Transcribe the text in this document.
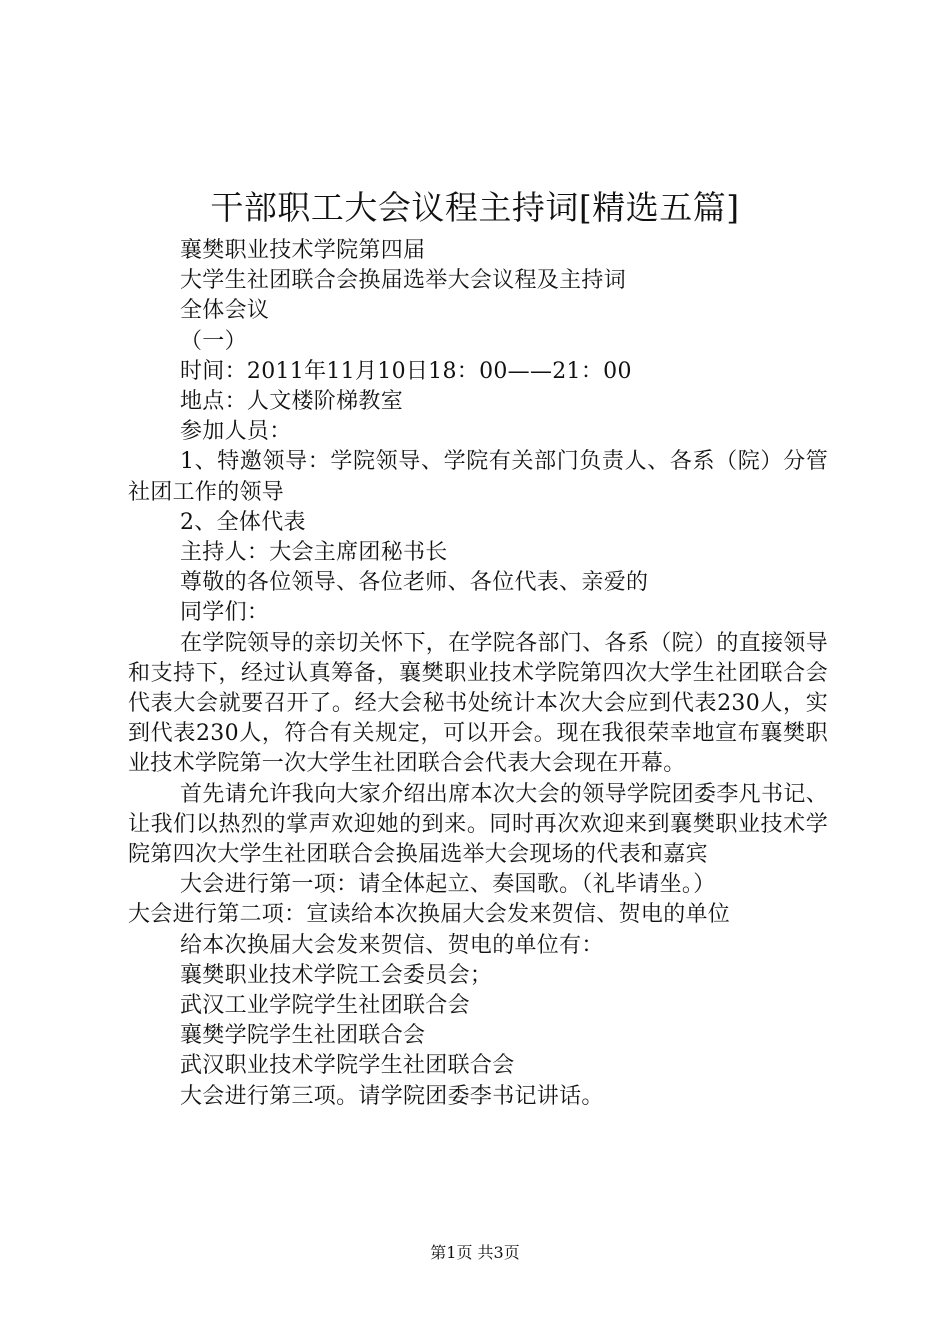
干部职工大会议程主持词[精选五篇]
襄樊职业技术学院第四届
大学生社团联合会换届选举大会议程及主持词
全体会议
（一）
时间：2011年11月10日18：00——21：00
地点：人文楼阶梯教室
参加人员：
1、特邀领导：学院领导、学院有关部门负责人、各系（院）分管社团工作的领导
2、全体代表
主持人：大会主席团秘书长
尊敬的各位领导、各位老师、各位代表、亲爱的
同学们：
在学院领导的亲切关怀下，在学院各部门、各系（院）的直接领导和支持下，经过认真筹备，襄樊职业技术学院第四次大学生社团联合会代表大会就要召开了。经大会秘书处统计本次大会应到代表230人，实到代表230人，符合有关规定，可以开会。现在我很荣幸地宣布襄樊职业技术学院第一次大学生社团联合会代表大会现在开幕。
首先请允许我向大家介绍出席本次大会的领导学院团委李凡书记、让我们以热烈的掌声欢迎她的到来。同时再次欢迎来到襄樊职业技术学院第四次大学生社团联合会换届选举大会现场的代表和嘉宾
大会进行第一项：请全体起立、奏国歌。（礼毕请坐。）
大会进行第二项：宣读给本次换届大会发来贺信、贺电的单位
给本次换届大会发来贺信、贺电的单位有：
襄樊职业技术学院工会委员会；
武汉工业学院学生社团联合会
襄樊学院学生社团联合会
武汉职业技术学院学生社团联合会
大会进行第三项。请学院团委李书记讲话。
第1页 共3页
